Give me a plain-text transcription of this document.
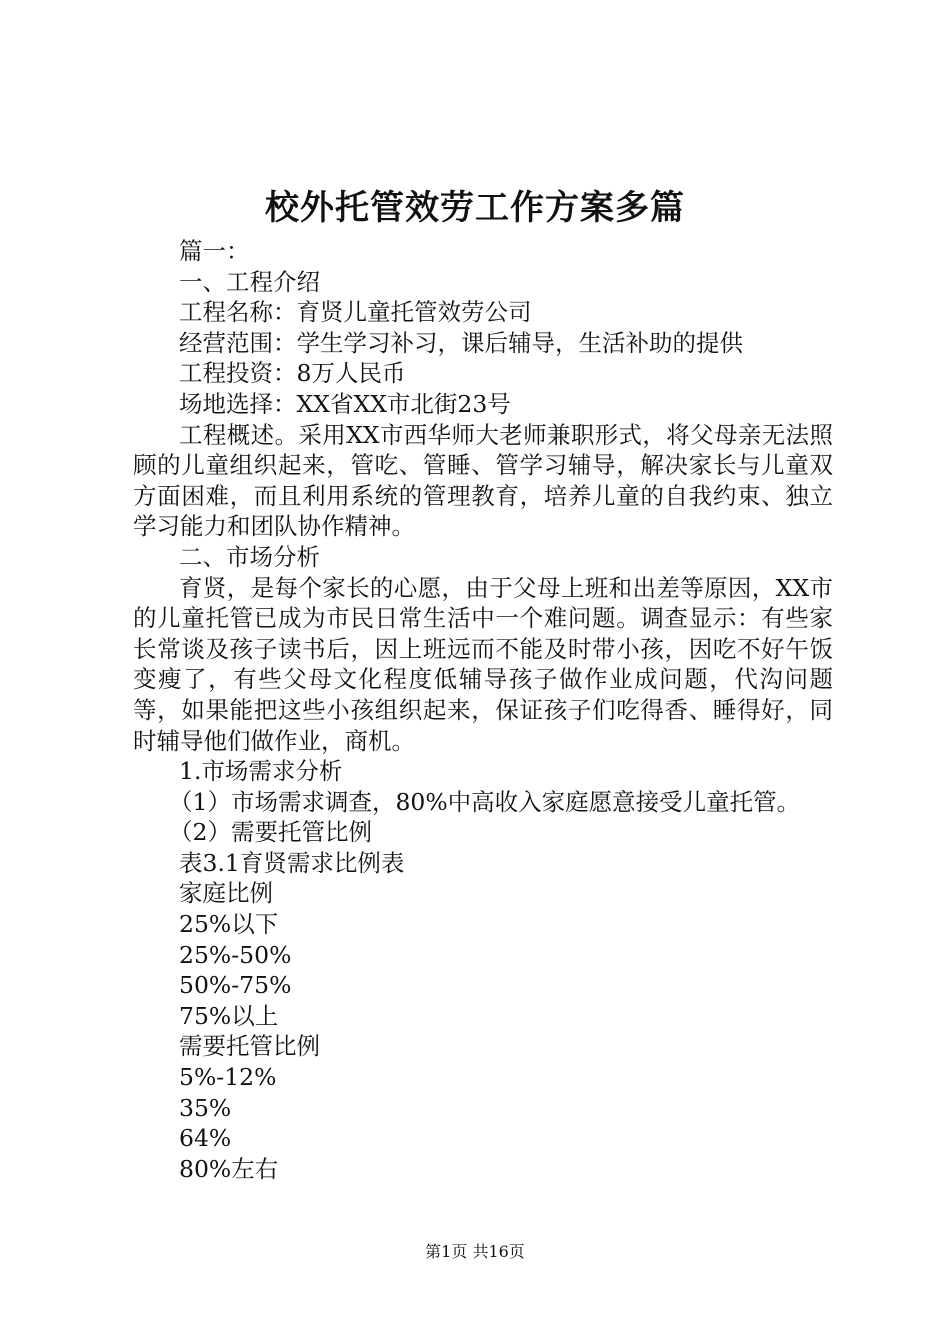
校外托管效劳工作方案多篇
篇一：
一、工程介绍
工程名称：育贤儿童托管效劳公司
经营范围：学生学习补习，课后辅导，生活补助的提供
工程投资：8万人民币
场地选择：XX省XX市北街23号
工程概述。采用XX市西华师大老师兼职形式，将父母亲无法照顾的儿童组织起来，管吃、管睡、管学习辅导，解决家长与儿童双方面困难，而且利用系统的管理教育，培养儿童的自我约束、独立学习能力和团队协作精神。
二、市场分析
育贤，是每个家长的心愿，由于父母上班和出差等原因，XX市的儿童托管已成为市民日常生活中一个难问题。调查显示：有些家长常谈及孩子读书后，因上班远而不能及时带小孩，因吃不好午饭变瘦了，有些父母文化程度低辅导孩子做作业成问题，代沟问题等，如果能把这些小孩组织起来，保证孩子们吃得香、睡得好，同时辅导他们做作业，商机。
1.市场需求分析
（1）市场需求调查，80%中高收入家庭愿意接受儿童托管。
（2）需要托管比例
表3.1育贤需求比例表
家庭比例
25%以下
25%-50%
50%-75%
75%以上
需要托管比例
5%-12%
35%
64%
80%左右
第1页 共16页
